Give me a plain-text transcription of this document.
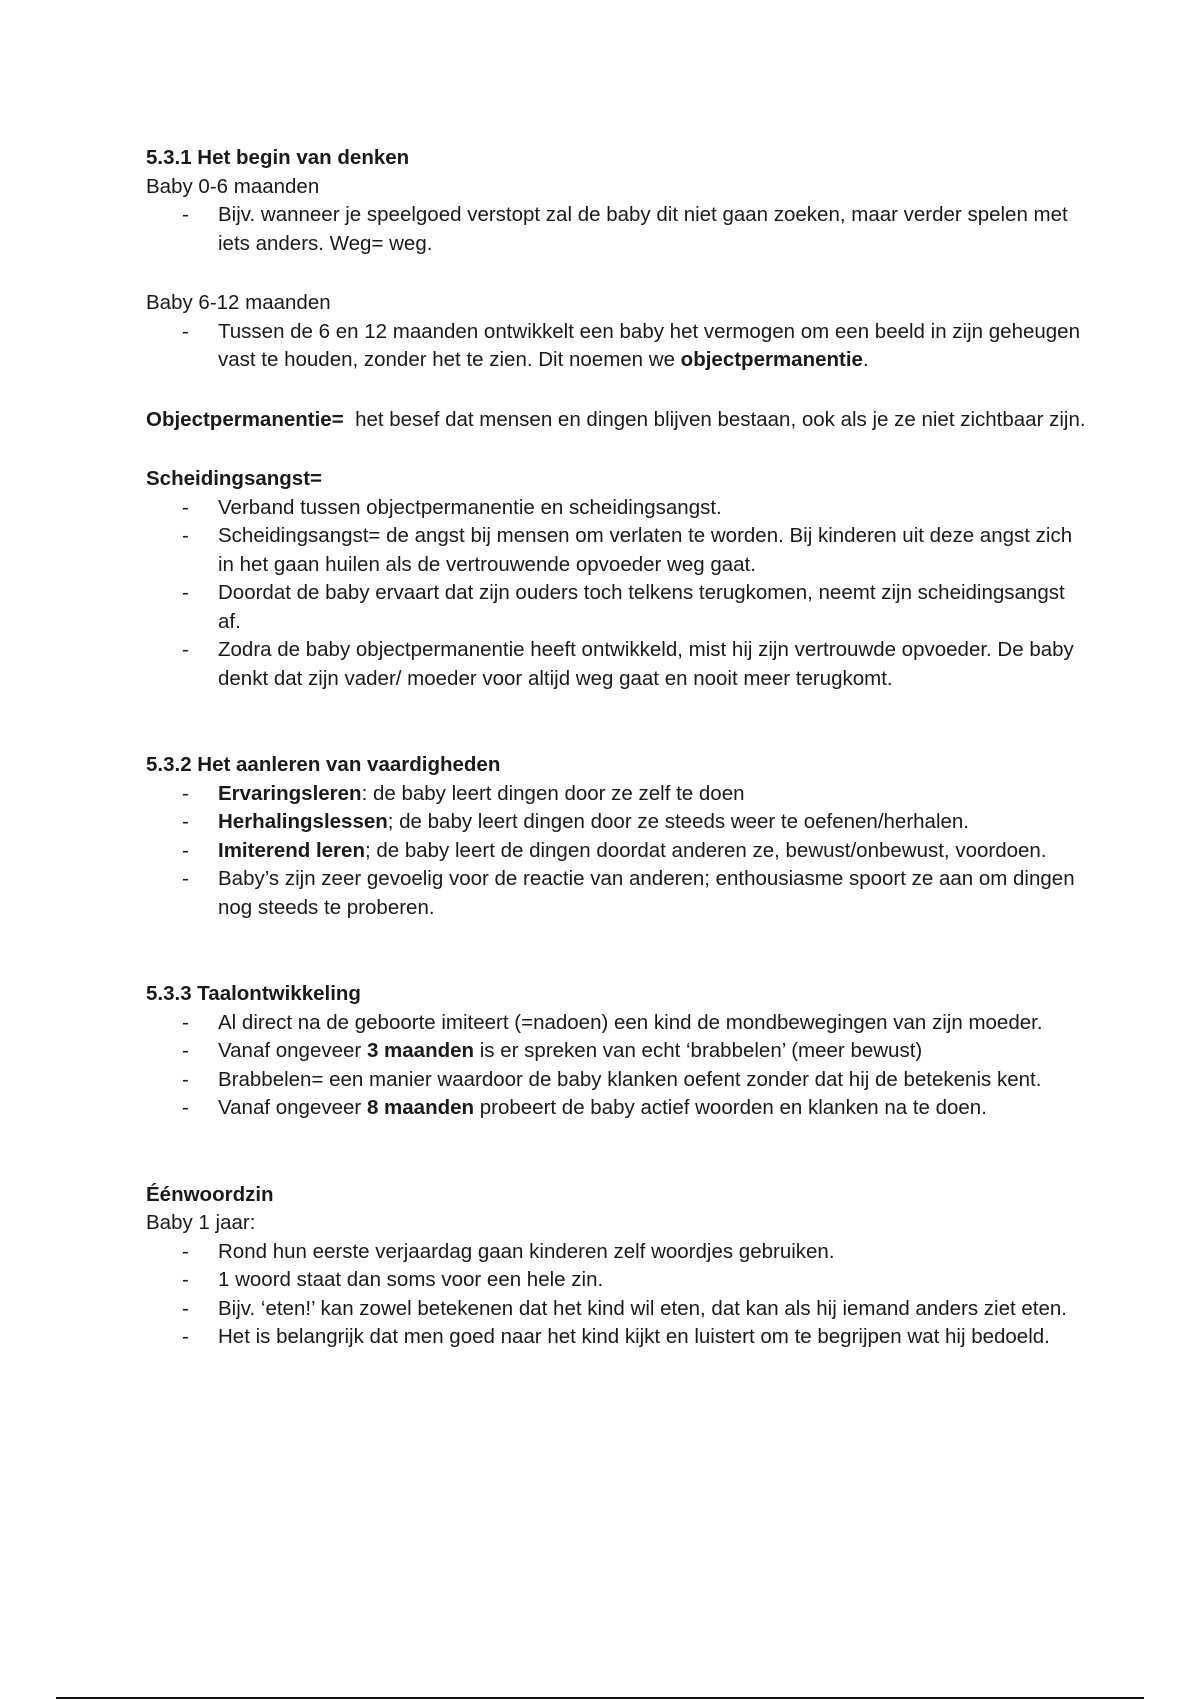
5.3.1 Het begin van denken

Baby 0-6 maanden

- Bijv. wanneer je speelgoed verstopt zal de baby dit niet gaan zoeken, maar verder spelen met iets anders. Weg= weg.

Baby 6-12 maanden

- Tussen de 6 en 12 maanden ontwikkelt een baby het vermogen om een beeld in zijn geheugen vast te houden, zonder het te zien. Dit noemen we objectpermanentie.

Objectpermanentie=  het besef dat mensen en dingen blijven bestaan, ook als je ze niet zichtbaar zijn.

Scheidingsangst=

- Verband tussen objectpermanentie en scheidingsangst.
- Scheidingsangst= de angst bij mensen om verlaten te worden. Bij kinderen uit deze angst zich in het gaan huilen als de vertrouwende opvoeder weg gaat.
- Doordat de baby ervaart dat zijn ouders toch telkens terugkomen, neemt zijn scheidingsangst af.
- Zodra de baby objectpermanentie heeft ontwikkeld, mist hij zijn vertrouwde opvoeder. De baby denkt dat zijn vader/ moeder voor altijd weg gaat en nooit meer terugkomt.

5.3.2 Het aanleren van vaardigheden

- Ervaringsleren: de baby leert dingen door ze zelf te doen
- Herhalingslessen; de baby leert dingen door ze steeds weer te oefenen/herhalen.
- Imiterend leren; de baby leert de dingen doordat anderen ze, bewust/onbewust, voordoen.
- Baby’s zijn zeer gevoelig voor de reactie van anderen; enthousiasme spoort ze aan om dingen nog steeds te proberen.

5.3.3 Taalontwikkeling

- Al direct na de geboorte imiteert (=nadoen) een kind de mondbewegingen van zijn moeder.
- Vanaf ongeveer 3 maanden is er spreken van echt ‘brabbelen’ (meer bewust)
- Brabbelen= een manier waardoor de baby klanken oefent zonder dat hij de betekenis kent.
- Vanaf ongeveer 8 maanden probeert de baby actief woorden en klanken na te doen.

Éénwoordzin

Baby 1 jaar:

- Rond hun eerste verjaardag gaan kinderen zelf woordjes gebruiken.
- 1 woord staat dan soms voor een hele zin.
- Bijv. ‘eten!’ kan zowel betekenen dat het kind wil eten, dat kan als hij iemand anders ziet eten.
- Het is belangrijk dat men goed naar het kind kijkt en luistert om te begrijpen wat hij bedoeld.
